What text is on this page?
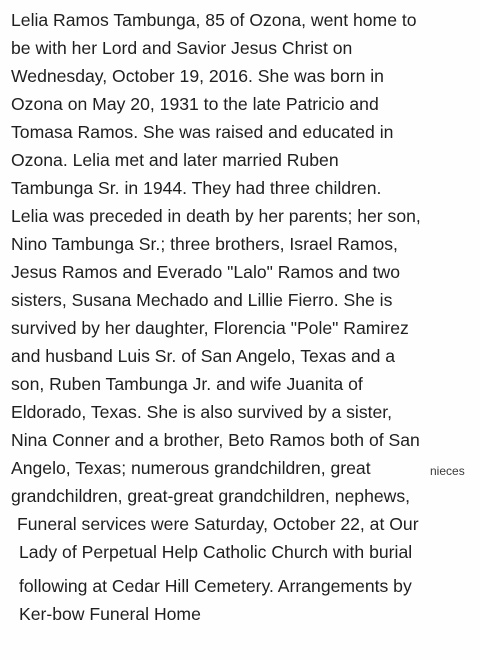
Lelia Ramos Tambunga, 85 of Ozona, went home to
be with her Lord and Savior Jesus Christ on
Wednesday, October 19, 2016. She was born in
Ozona on May 20, 1931 to the late Patricio and
Tomasa Ramos. She was raised and educated in
Ozona. Lelia met and later married Ruben
Tambunga Sr. in 1944. They had three children.
Lelia was preceded in death by her parents; her son,
Nino Tambunga Sr.; three brothers, Israel Ramos,
Jesus Ramos and Everado "Lalo" Ramos and two
sisters, Susana Mechado and Lillie Fierro. She is
survived by her daughter, Florencia "Pole" Ramirez
and husband Luis Sr. of San Angelo, Texas and a
son, Ruben Tambunga Jr. and wife Juanita of
Eldorado, Texas. She is also survived by a sister,
Nina Conner and a brother, Beto Ramos both of San
Angelo, Texas; numerous grandchildren, great	nieces
grandchildren, great-great grandchildren, nephews,
Funeral services were Saturday, October 22, at Our
Lady of Perpetual Help Catholic Church with burial
following at Cedar Hill Cemetery. Arrangements by
Ker-bow Funeral Home
